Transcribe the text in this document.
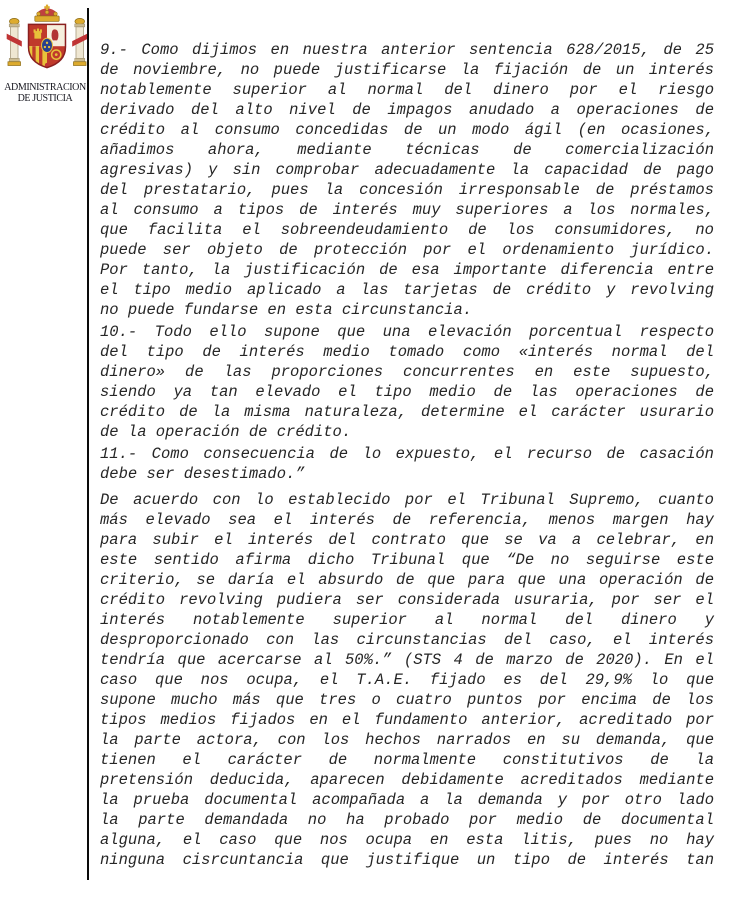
ADMINISTRACION
DE JUSTICIA
9.- Como dijimos en nuestra anterior sentencia 628/2015, de 25
de noviembre, no puede justificarse la fijación de un interés
notablemente superior al normal del dinero por el riesgo
derivado del alto nivel de impagos anudado a operaciones de
crédito al consumo concedidas de un modo ágil (en ocasiones,
añadimos ahora, mediante técnicas de comercialización
agresivas) y sin comprobar adecuadamente la capacidad de pago
del prestatario, pues la concesión irresponsable de préstamos
al consumo a tipos de interés muy superiores a los normales,
que facilita el sobreendeudamiento de los consumidores, no
puede ser objeto de protección por el ordenamiento jurídico.
Por tanto, la justificación de esa importante diferencia entre
el tipo medio aplicado a las tarjetas de crédito y revolving
no puede fundarse en esta circunstancia.
10.- Todo ello supone que una elevación porcentual respecto
del tipo de interés medio tomado como «interés normal del
dinero» de las proporciones concurrentes en este supuesto,
siendo ya tan elevado el tipo medio de las operaciones de
crédito de la misma naturaleza, determine el carácter usurario
de la operación de crédito.
11.- Como consecuencia de lo expuesto, el recurso de casación
debe ser desestimado.”
De acuerdo con lo establecido por el Tribunal Supremo, cuanto
más elevado sea el interés de referencia, menos margen hay
para subir el interés del contrato que se va a celebrar, en
este sentido afirma dicho Tribunal que “De no seguirse este
criterio, se daría el absurdo de que para que una operación de
crédito revolving pudiera ser considerada usuraria, por ser el
interés notablemente superior al normal del dinero y
desproporcionado con las circunstancias del caso, el interés
tendría que acercarse al 50%.” (STS 4 de marzo de 2020). En el
caso que nos ocupa, el T.A.E. fijado es del 29,9% lo que
supone mucho más que tres o cuatro puntos por encima de los
tipos medios fijados en el fundamento anterior, acreditado por
la parte actora, con los hechos narrados en su demanda, que
tienen el carácter de normalmente constitutivos de la
pretensión deducida, aparecen debidamente acreditados mediante
la prueba documental acompañada a la demanda y por otro lado
la parte demandada no ha probado por medio de documental
alguna, el caso que nos ocupa en esta litis, pues no hay
ninguna cisrcuntancia que justifique un tipo de interés tan
